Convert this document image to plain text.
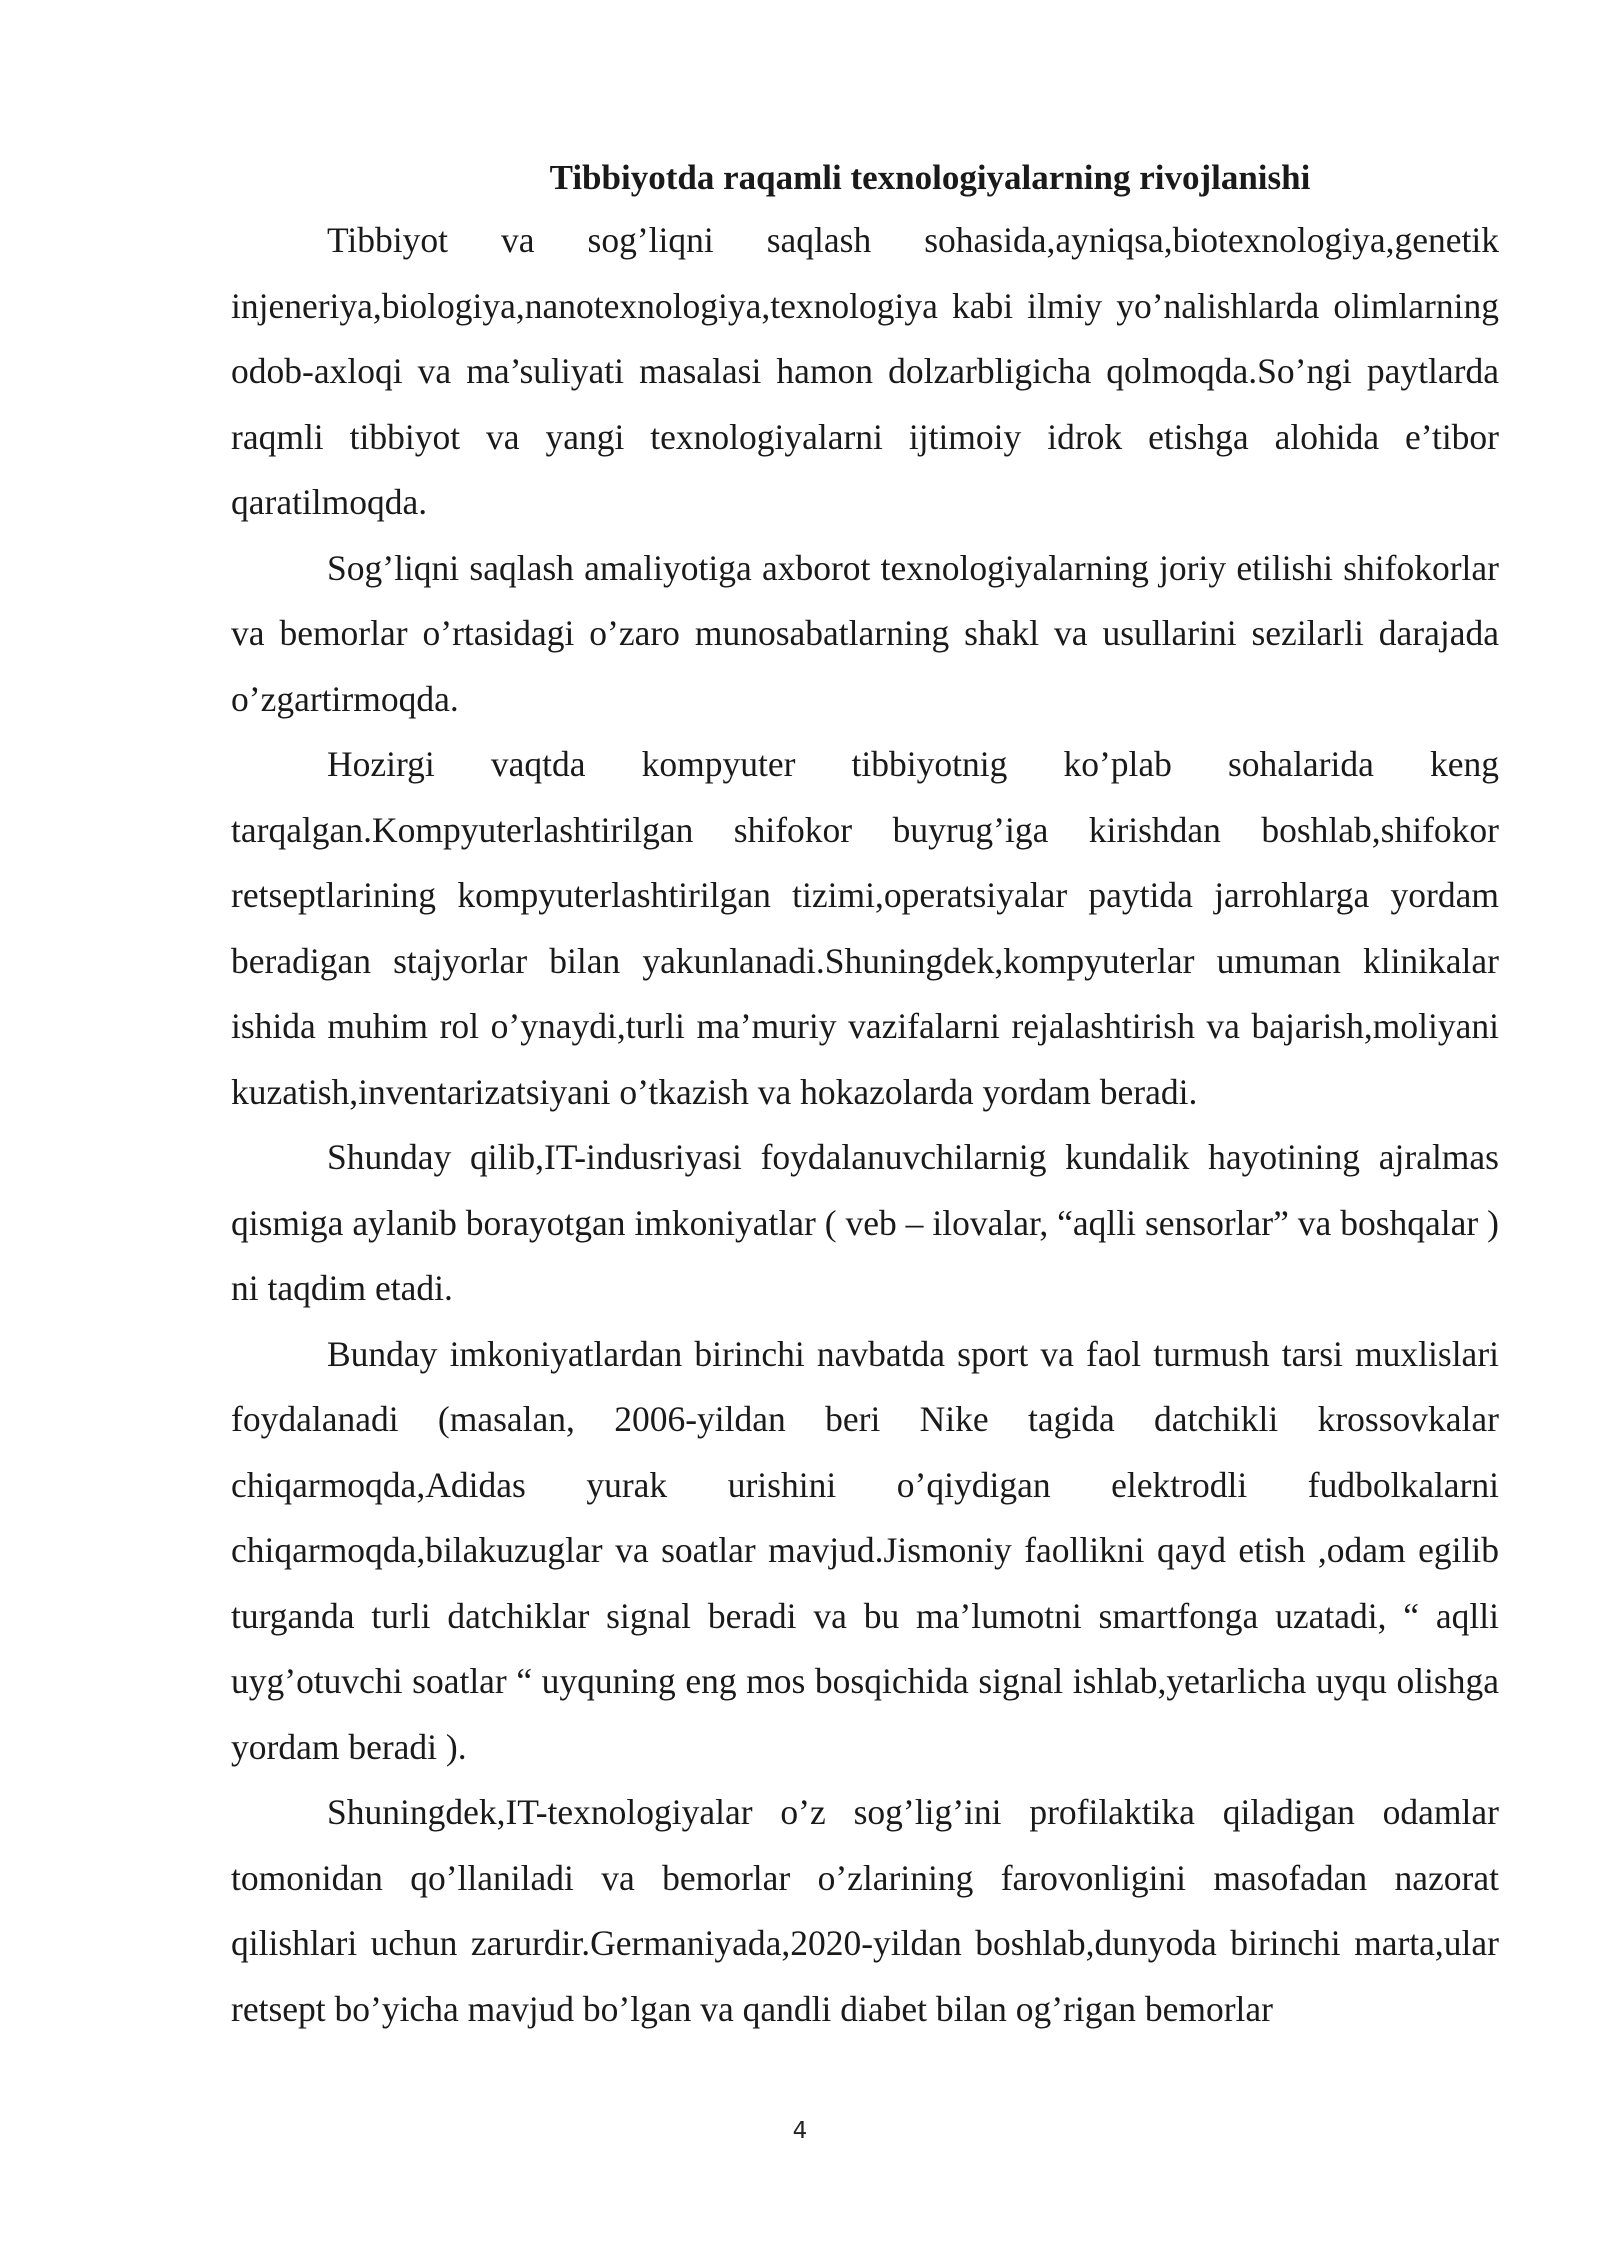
Tibbiyotda raqamli texnologiyalarning rivojlanishi

Tibbiyot va sog’liqni saqlash sohasida,ayniqsa,biotexnologiya,genetik injeneriya,biologiya,nanotexnologiya,texnologiya kabi ilmiy yo’nalishlarda olimlarning odob-axloqi va ma’suliyati masalasi hamon dolzarbligicha qolmoqda.So’ngi paytlarda raqmli tibbiyot va yangi texnologiyalarni ijtimoiy idrok etishga alohida e’tibor qaratilmoqda.

Sog’liqni saqlash amaliyotiga axborot texnologiyalarning joriy etilishi shifokorlar va bemorlar o’rtasidagi o’zaro munosabatlarning shakl va usullarini sezilarli darajada o’zgartirmoqda.

Hozirgi vaqtda kompyuter tibbiyotnig ko’plab sohalarida keng tarqalgan.Kompyuterlashtirilgan shifokor buyrug’iga kirishdan boshlab,shifokor retseptlarining kompyuterlashtirilgan tizimi,operatsiyalar paytida jarrohlarga yordam beradigan stajyorlar bilan yakunlanadi.Shuningdek,kompyuterlar umuman klinikalar ishida muhim rol o’ynaydi,turli ma’muriy vazifalarni rejalashtirish va bajarish,moliyani kuzatish,inventarizatsiyani o’tkazish va hokazolarda yordam beradi.

Shunday qilib,IT-indusriyasi foydalanuvchilarnig kundalik hayotining ajralmas qismiga aylanib borayotgan imkoniyatlar ( veb – ilovalar, “aqlli sensorlar” va boshqalar ) ni taqdim etadi.

Bunday imkoniyatlardan birinchi navbatda sport va faol turmush tarsi muxlislari foydalanadi (masalan, 2006-yildan beri Nike tagida datchikli krossovkalar chiqarmoqda,Adidas yurak urishini o’qiydigan elektrodli fudbolkalarni chiqarmoqda,bilakuzuglar va soatlar mavjud.Jismoniy faollikni qayd etish ,odam egilib turganda turli datchiklar signal beradi va bu ma’lumotni smartfonga uzatadi, “ aqlli uyg’otuvchi soatlar “ uyquning eng mos bosqichida signal ishlab,yetarlicha uyqu olishga yordam beradi ).

Shuningdek,IT-texnologiyalar o’z sog’lig’ini profilaktika qiladigan odamlar tomonidan qo’llaniladi va bemorlar o’zlarining farovonligini masofadan nazorat qilishlari uchun zarurdir.Germaniyada,2020-yildan boshlab,dunyoda birinchi marta,ular retsept bo’yicha mavjud bo’lgan va qandli diabet bilan og’rigan bemorlar

4
